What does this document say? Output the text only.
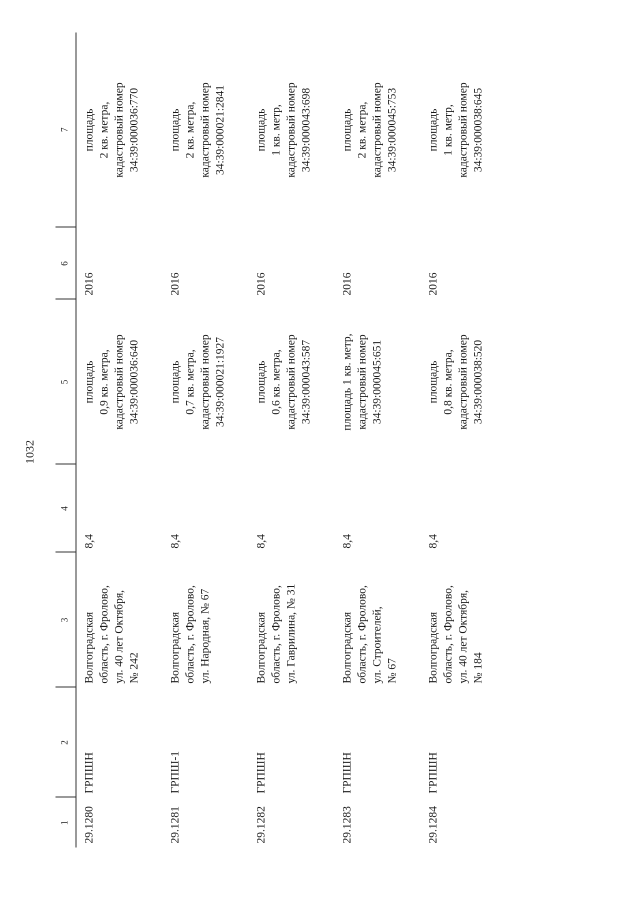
1032
1	2	3	4	5	6	7
29.1280	ГРПШН	Волгоградская область, г. Фролово, ул. 40 лет Октября, № 242	8,4	площадь 0,9 кв. метра, кадастровый номер 34:39:000036:640	2016	площадь 2 кв. метра, кадастровый номер 34:39:000036:770

29.1281	ГРПШ-1	Волгоградская область, г. Фролово, ул. Народная, № 67	8,4	площадь 0,7 кв. метра, кадастровый номер 34:39:000021:1927	2016	площадь 2 кв. метра, кадастровый номер 34:39:000021:2841

29.1282	ГРПШН	Волгоградская область, г. Фролово, ул. Гаврилина, № 31	8,4	площадь 0,6 кв. метра, кадастровый номер 34:39:000043:587	2016	площадь 1 кв. метр, кадастровый номер 34:39:000043:698

29.1283	ГРПШН	Волгоградская область, г. Фролово, ул. Строителей, № 67	8,4	площадь 1 кв. метр, кадастровый номер 34:39:000045:651	2016	площадь 2 кв. метра, кадастровый номер 34:39:000045:753

29.1284	ГРПШН	Волгоградская область, г. Фролово, ул. 40 лет Октября, № 184	8,4	площадь 0,8 кв. метра, кадастровый номер 34:39:000038:520	2016	площадь 1 кв. метр, кадастровый номер 34:39:000038:645
